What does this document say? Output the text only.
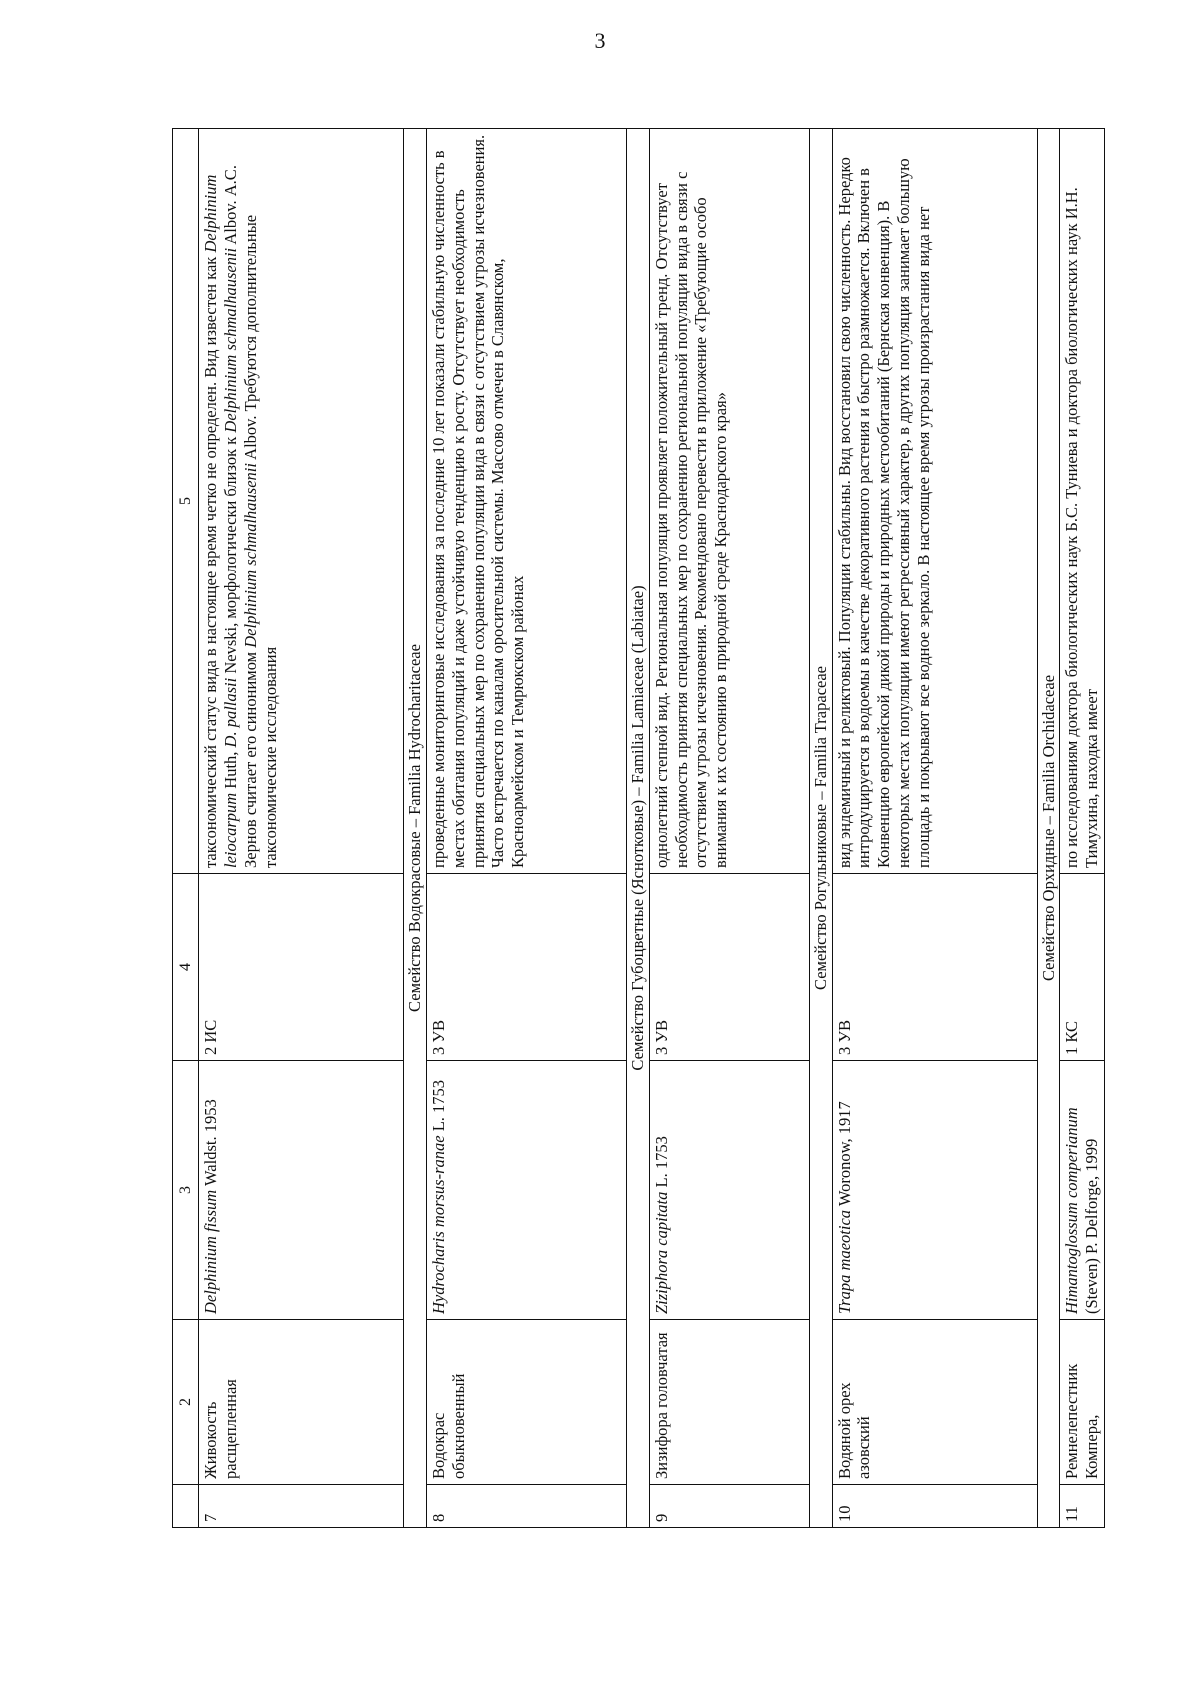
3
	2	3	4	5
7	Живокость расщепленная	Delphinium fissum Waldst. 1953	2 ИС	таксономический статус вида в настоящее время четко не определен. Вид известен как Delphinium leiocarpum Huth, D. pallasii Nevski, морфологически близок к Delphinium schmalhausenii Albov. А.С. Зернов считает его синонимом Delphinium schmalhausenii Albov. Требуются дополнительные таксономические исследования
Семейство Водокрасовые – Familia Hydrocharitaceae				
8	Водокрас обыкновенный	Hydrocharis morsus-ranae L. 1753	3 УВ	проведенные мониторинговые исследования за последние 10 лет показали стабильную численность в местах обитания популяций и даже устойчивую тенденцию к росту. Отсутствует необходимость принятия специальных мер по сохранению популяции вида в связи с отсутствием угрозы исчезновения. Часто встречается по каналам оросительной системы. Массово отмечен в Славянском, Красноармейском и Темрюкском районах
Семейство Губоцветные (Яснотковые) – Familia Lamiaceae (Labiatae)				
9	Зизифора головчатая	Ziziphora capitata L. 1753	3 УВ	однолетний степной вид. Региональная популяция проявляет положительный тренд. Отсутствует необходимость принятия специальных мер по сохранению региональной популяции вида в связи с отсутствием угрозы исчезновения. Рекомендовано перевести в приложение «Требующие особо внимания к их состоянию в природной среде Краснодарского края»
Семейство Рогульниковые – Familia Trapaceae				
10	Водяной орех азовский	Trapa maeotica Woronow, 1917	3 УВ	вид эндемичный и реликтовый. Популяции стабильны. Вид восстановил свою численность. Нередко интродуцируется в водоемы в качестве декоративного растения и быстро размножается. Включен в Конвенцию европейской дикой природы и природных местообитаний (Бернская конвенция). В некоторых местах популяции имеют регрессивный характер, в других популяция занимает большую площадь и покрывают все водное зеркало. В настоящее время угрозы произрастания вида нет
Семейство Орхидные – Familia Orchidaceae				
11	Ремнелепестник Компера,	Himantoglossum comperianum (Steven) P. Delforge, 1999	1 КС	по исследованиям доктора биологических наук Б.С. Туниева и доктора биологических наук И.Н. Тимухина, находка имеет
